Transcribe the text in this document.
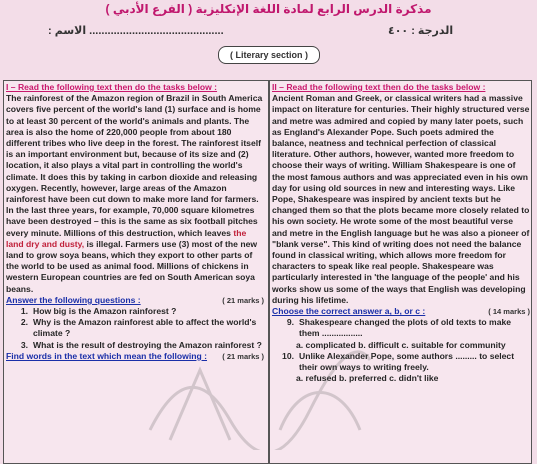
مذكرة الدرس الرابع لمادة اللغة الإنكليزية ( الفرع الأدبي )
............................................ الاسم :	الدرجة : ٤٠٠
( Literary section )
I – Read the following text then do the tasks below :
The rainforest of the Amazon region of Brazil in South America covers five percent of the world's land (1) surface and is home to at least 30 percent of the world's animals and plants. The area is also the home of 220,000 people from about 180 different tribes who live deep in the forest. The rainforest itself is an important environment but, because of its size and (2) location, it also plays a vital part in controlling the world's climate. It does this by taking in carbon dioxide and releasing oxygen. Recently, however, large areas of the Amazon rainforest have been cut down to make more land for farmers. In the last three years, for example, 70,000 square kilometres have been destroyed – this is the same as six football pitches every minute. Millions of this destruction, which leaves the land dry and dusty, is illegal. Farmers use (3) most of the new land to grow soya beans, which they export to other parts of the world to be used as animal food. Millions of chickens in western European countries are fed on South American soya beans.
Answer the following questions :	( 21 marks )
1. How big is the Amazon rainforest ?
2. Why is the Amazon rainforest able to affect the world's climate ?
3. What is the result of destroying the Amazon rainforest ?
Find words in the text which mean the following : ( 21 marks )
II – Read the following text then do the tasks below :
Ancient Roman and Greek, or classical writers had a massive impact on literature for centuries. Their highly structured verse and metre was admired and copied by many later poets, such as England's Alexander Pope. Such poets admired the balance, neatness and technical perfection of classical literature. Other authors, however, wanted more freedom to choose their ways of writing. William Shakespeare is one of the most famous authors and was appreciated even in his own day for using old sources in new and interesting ways. Like Pope, Shakespeare was inspired by ancient texts but he changed them so that the plots became more closely related to his own society. He wrote some of the most beautiful verse and metre in the English language but he was also a pioneer of "blank verse". This kind of writing does not need the balance found in classical writing, which allows more freedom for characters to speak like real people. Shakespeare was particularly interested in 'the language of the people' and his works show us some of the ways that English was developing during his lifetime.
Choose the correct answer a, b, or c :	( 14 marks )
9. Shakespeare changed the plots of old texts to make them .................
a. complicated b. difficult c. suitable for community
10. Unlike Alexander Pope, some authors ......... to select their own ways to writing freely.
a. refused b. preferred c. didn't like
